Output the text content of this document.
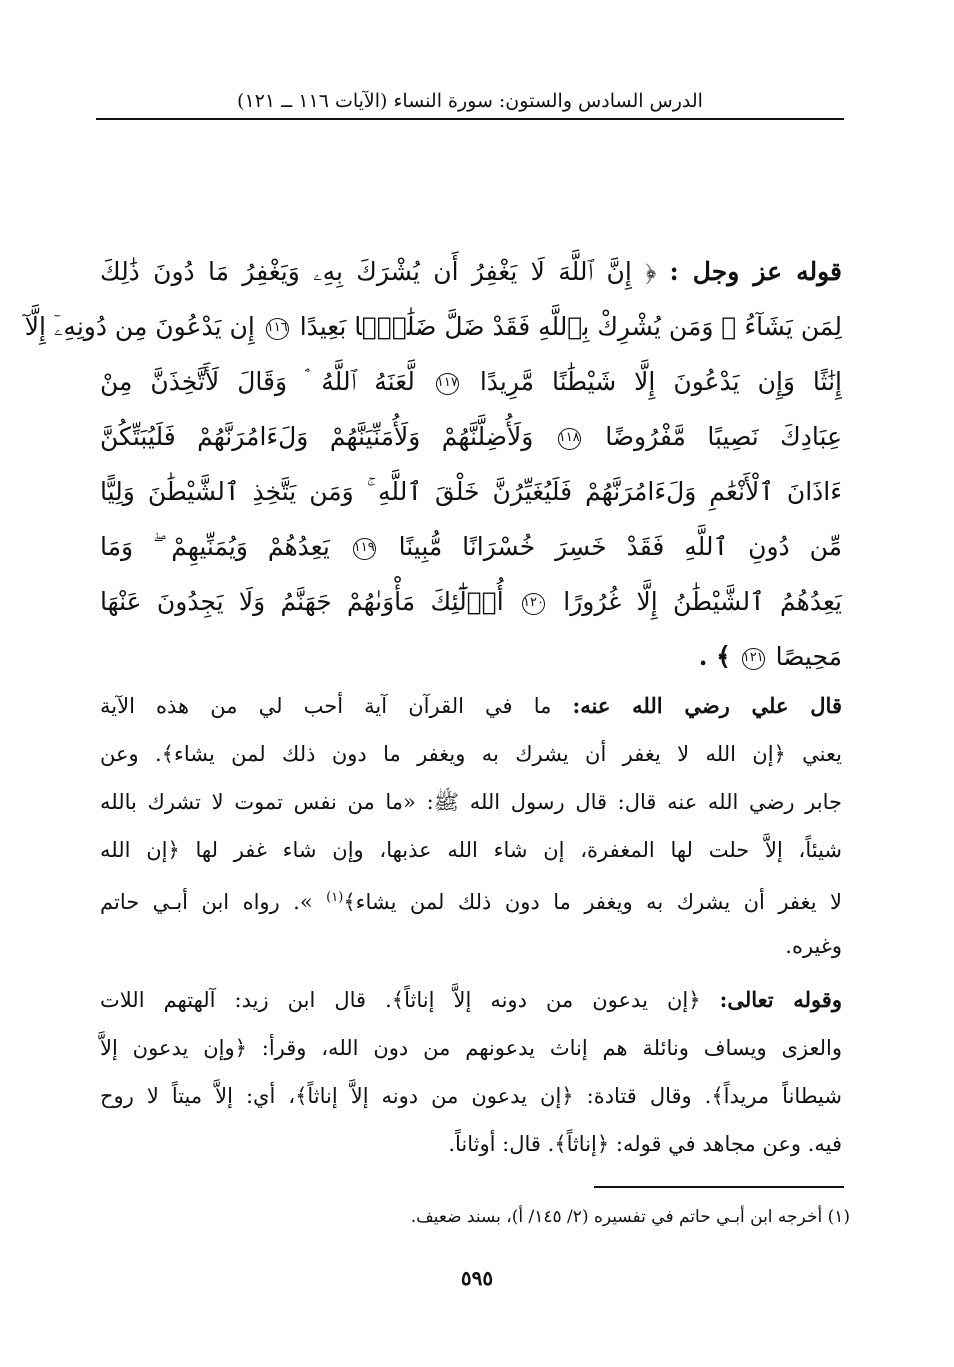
الدرس السادس والستون: سورة النساء (الآيات ١١٦ ــ ١٢١)
قوله عز وجل : ﴿ إِنَّ ٱللَّهَ لَا يَغْفِرُ أَن يُشْرَكَ بِهِۦ وَيَغْفِرُ مَا دُونَ ذَٰلِكَ
لِمَن يَشَآءُ ۚ وَمَن يُشْرِكْ بِٱللَّهِ فَقَدْ ضَلَّ ضَلَٰلًۢا بَعِيدًا ١١٦ إِن يَدْعُونَ مِن دُونِهِۦٓ إِلَّآ
إِنَٰثًا وَإِن يَدْعُونَ إِلَّا شَيْطَٰنًا مَّرِيدًا ١١٧ لَّعَنَهُ ٱللَّهُ ۘ وَقَالَ لَأَتَّخِذَنَّ مِنْ
عِبَادِكَ نَصِيبًا مَّفْرُوضًا ١١٨ وَلَأُضِلَّنَّهُمْ وَلَأُمَنِّيَنَّهُمْ وَلَءَامُرَنَّهُمْ فَلَيُبَتِّكُنَّ
ءَاذَانَ ٱلْأَنْعَٰمِ وَلَءَامُرَنَّهُمْ فَلَيُغَيِّرُنَّ خَلْقَ ٱللَّهِ ۚ وَمَن يَتَّخِذِ ٱلشَّيْطَٰنَ وَلِيًّا
مِّن دُونِ ٱللَّهِ فَقَدْ خَسِرَ خُسْرَانًا مُّبِينًا ١١٩ يَعِدُهُمْ وَيُمَنِّيهِمْ ۖ وَمَا
يَعِدُهُمُ ٱلشَّيْطَٰنُ إِلَّا غُرُورًا ١٢٠ أُو۟لَٰٓئِكَ مَأْوَىٰهُمْ جَهَنَّمُ وَلَا يَجِدُونَ عَنْهَا
مَحِيصًا ١٢١ ﴾ .
قال علي رضي الله عنه: ما في القرآن آية أحب لي من هذه الآية
يعني ﴿إن الله لا يغفر أن يشرك به ويغفر ما دون ذلك لمن يشاء﴾. وعن
جابر رضي الله عنه قال: قال رسول الله ﷺ: «ما من نفس تموت لا تشرك بالله
شيئاً، إلاَّ حلت لها المغفرة، إن شاء الله عذبها، وإن شاء غفر لها ﴿إن الله
لا يغفر أن يشرك به ويغفر ما دون ذلك لمن يشاء﴾$^{(١)}$ ». رواه ابن أبـي حاتم
وغيره.
وقوله تعالى: ﴿إن يدعون من دونه إلاَّ إناثاً﴾. قال ابن زيد: آلهتهم اللات
والعزى ويساف ونائلة هم إناث يدعونهم من دون الله، وقرأ: ﴿وإن يدعون إلاَّ
شيطاناً مريداً﴾. وقال قتادة: ﴿إن يدعون من دونه إلاَّ إناثاً﴾، أي: إلاَّ ميتاً لا روح
فيه. وعن مجاهد في قوله: ﴿إناثاً﴾. قال: أوثاناً.
(١) أخرجه ابن أبـي حاتم في تفسيره (٢/ ١٤٥/ أ)، بسند ضعيف.
٥٩٥
